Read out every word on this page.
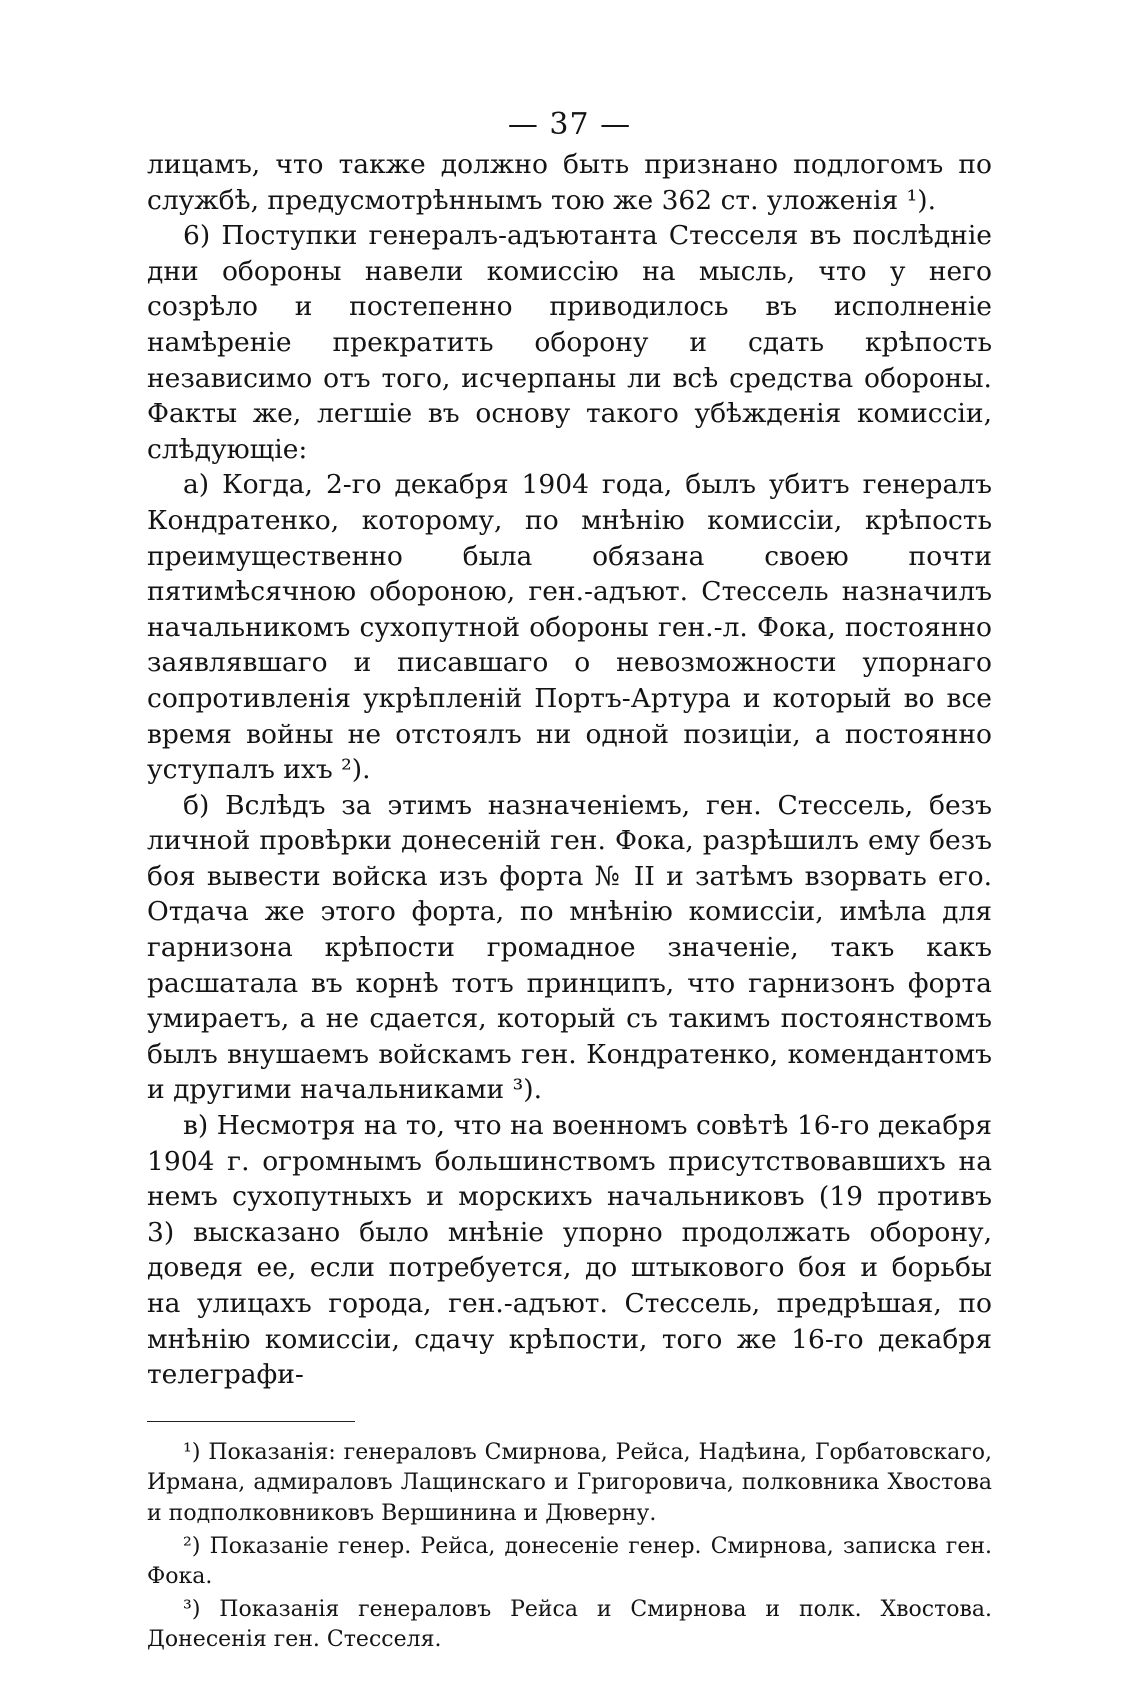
— 37 —

лицамъ, что также должно быть признано подлогомъ по службѣ, предусмотрѣннымъ тою же 362 ст. уложенія ¹).

6) Поступки генералъ-адъютанта Стесселя въ послѣдніе дни обороны навели комиссію на мысль, что у него созрѣло и постепенно приводилось въ исполненіе намѣреніе прекратить оборону и сдать крѣпость независимо отъ того, исчерпаны ли всѣ средства обороны. Факты же, легшіе въ основу такого убѣжденія комиссіи, слѣдующіе:

а) Когда, 2-го декабря 1904 года, былъ убитъ генералъ Кондратенко, которому, по мнѣнію комиссіи, крѣпость преимущественно была обязана своею почти пятимѣсячною обороною, ген.-адъют. Стессель назначилъ начальникомъ сухопутной обороны ген.-л. Фока, постоянно заявлявшаго и писавшаго о невозможности упорнаго сопротивленія укрѣпленій Портъ-Артура и который во все время войны не отстоялъ ни одной позиціи, а постоянно уступалъ ихъ ²).

б) Вслѣдъ за этимъ назначеніемъ, ген. Стессель, безъ личной провѣрки донесеній ген. Фока, разрѣшилъ ему безъ боя вывести войска изъ форта № II и затѣмъ взорвать его. Отдача же этого форта, по мнѣнію комиссіи, имѣла для гарнизона крѣпости громадное значеніе, такъ какъ расшатала въ корнѣ тотъ принципъ, что гарнизонъ форта умираетъ, а не сдается, который съ такимъ постоянствомъ былъ внушаемъ войскамъ ген. Кондратенко, комендантомъ и другими начальниками ³).

в) Несмотря на то, что на военномъ совѣтѣ 16-го декабря 1904 г. огромнымъ большинствомъ присутствовавшихъ на немъ сухопутныхъ и морскихъ начальниковъ (19 противъ 3) высказано было мнѣніе упорно продолжать оборону, доведя ее, если потребуется, до штыкового боя и борьбы на улицахъ города, ген.-адъют. Стессель, предрѣшая, по мнѣнію комиссіи, сдачу крѣпости, того же 16-го декабря телеграфи-

¹) Показанія: генераловъ Смирнова, Рейса, Надѣина, Горбатовскаго, Ирмана, адмираловъ Лащинскаго и Григоровича, полковника Хвостова и подполковниковъ Вершинина и Дюверну.

²) Показаніе генер. Рейса, донесеніе генер. Смирнова, записка ген. Фока.

³) Показанія генераловъ Рейса и Смирнова и полк. Хвостова. Донесенія ген. Стесселя.
